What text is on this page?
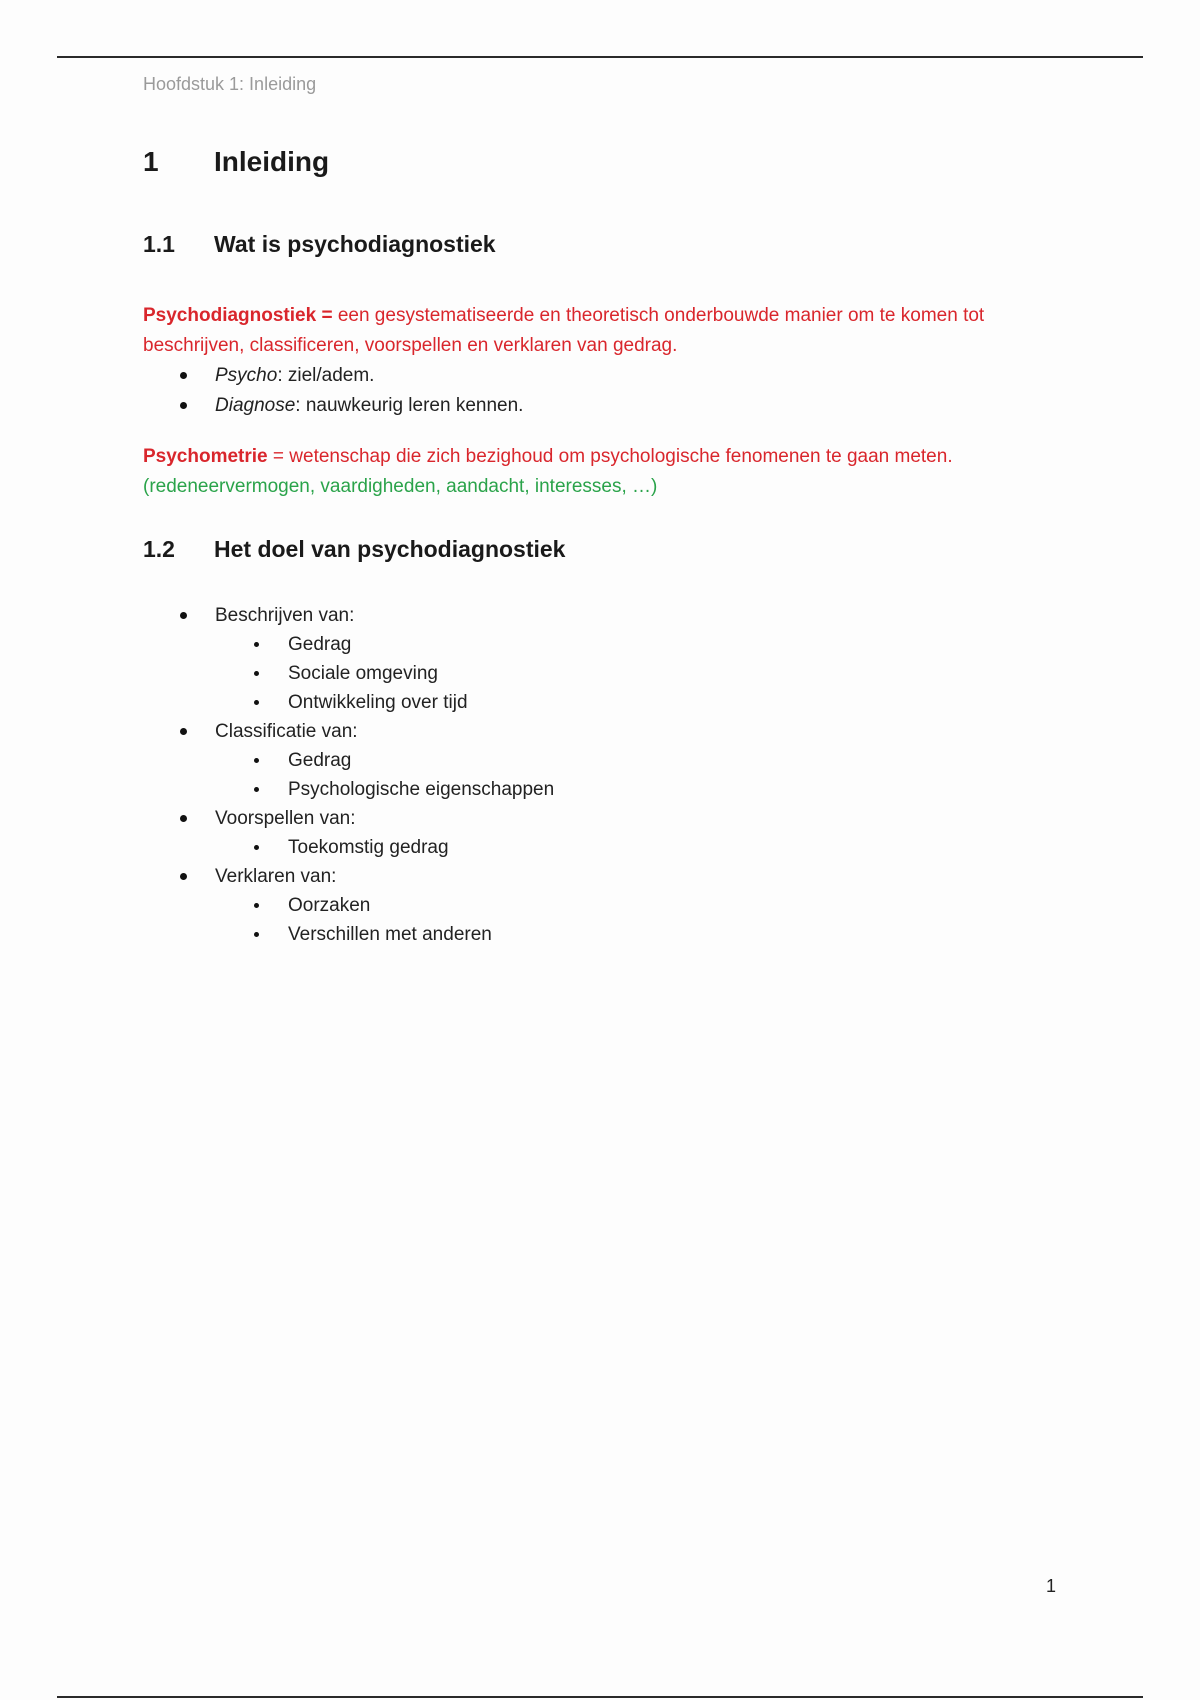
Hoofdstuk 1: Inleiding
1 Inleiding
1.1 Wat is psychodiagnostiek
Psychodiagnostiek = een gesystematiseerde en theoretisch onderbouwde manier om te komen tot beschrijven, classificeren, voorspellen en verklaren van gedrag.
Psycho: ziel/adem.
Diagnose: nauwkeurig leren kennen.
Psychometrie = wetenschap die zich bezighoud om psychologische fenomenen te gaan meten.
(redeneervermogen, vaardigheden, aandacht, interesses, …)
1.2 Het doel van psychodiagnostiek
Beschrijven van:
Gedrag
Sociale omgeving
Ontwikkeling over tijd
Classificatie van:
Gedrag
Psychologische eigenschappen
Voorspellen van:
Toekomstig gedrag
Verklaren van:
Oorzaken
Verschillen met anderen
1
